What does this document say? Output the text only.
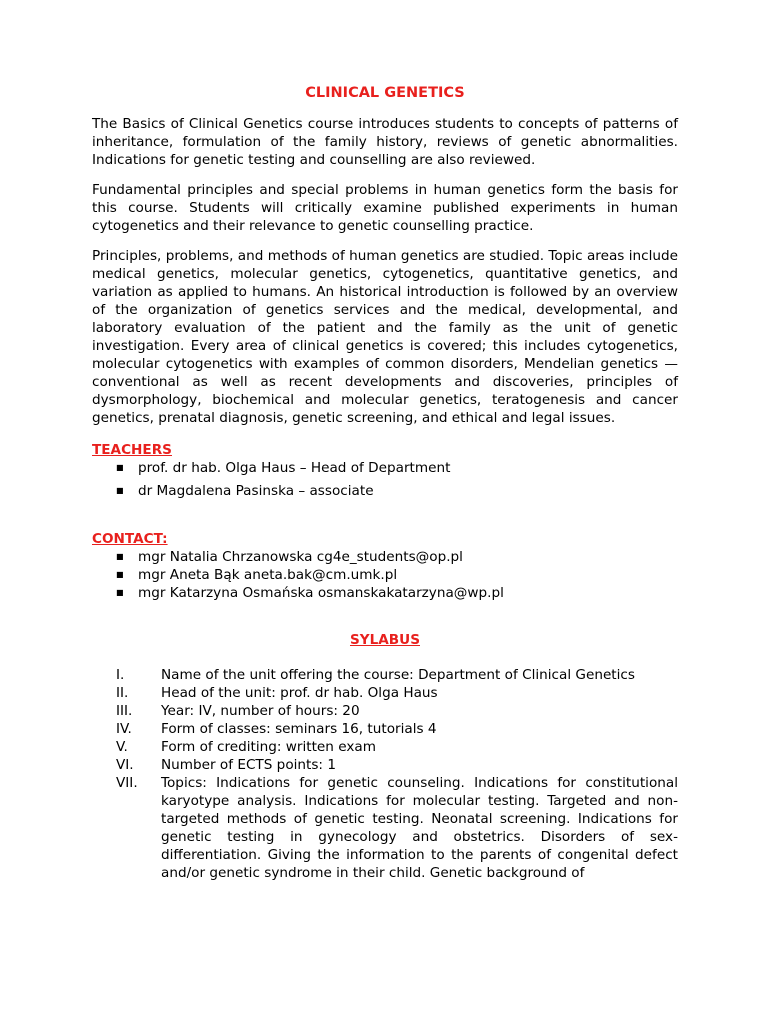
CLINICAL GENETICS

The Basics of Clinical Genetics course introduces students to concepts of patterns of inheritance, formulation of the family history, reviews of genetic abnormalities. Indications for genetic testing and counselling are also reviewed.

Fundamental principles and special problems in human genetics form the basis for this course. Students will critically examine published experiments in human cytogenetics and their relevance to genetic counselling practice.

Principles, problems, and methods of human genetics are studied. Topic areas include medical genetics, molecular genetics, cytogenetics, quantitative genetics, and variation as applied to humans. An historical introduction is followed by an overview of the organization of genetics services and the medical, developmental, and laboratory evaluation of the patient and the family as the unit of genetic investigation. Every area of clinical genetics is covered; this includes cytogenetics, molecular cytogenetics with examples of common disorders, Mendelian genetics — conventional as well as recent developments and discoveries, principles of dysmorphology, biochemical and molecular genetics, teratogenesis and cancer genetics, prenatal diagnosis, genetic screening, and ethical and legal issues.

TEACHERS
■ prof. dr hab. Olga Haus – Head of Department
■ dr Magdalena Pasinska – associate
CONTACT:
■ mgr Natalia Chrzanowska cg4e_students@op.pl
■ mgr Aneta Bąk aneta.bak@cm.umk.pl
■ mgr Katarzyna Osmańska osmanskakatarzyna@wp.pl
SYLABUS
I.	Name of the unit offering the course: Department of Clinical Genetics
II.	Head of the unit: prof. dr hab. Olga Haus
III.	Year: IV, number of hours: 20
IV.	Form of classes: seminars 16, tutorials 4
V.	Form of crediting: written exam
VI.	Number of ECTS points: 1
VII.	Topics: Indications for genetic counseling. Indications for constitutional karyotype analysis. Indications for molecular testing. Targeted and non-targeted methods of genetic testing. Neonatal screening. Indications for genetic testing in gynecology and obstetrics. Disorders of sex-differentiation. Giving the information to the parents of congenital defect and/or genetic syndrome in their child. Genetic background of
